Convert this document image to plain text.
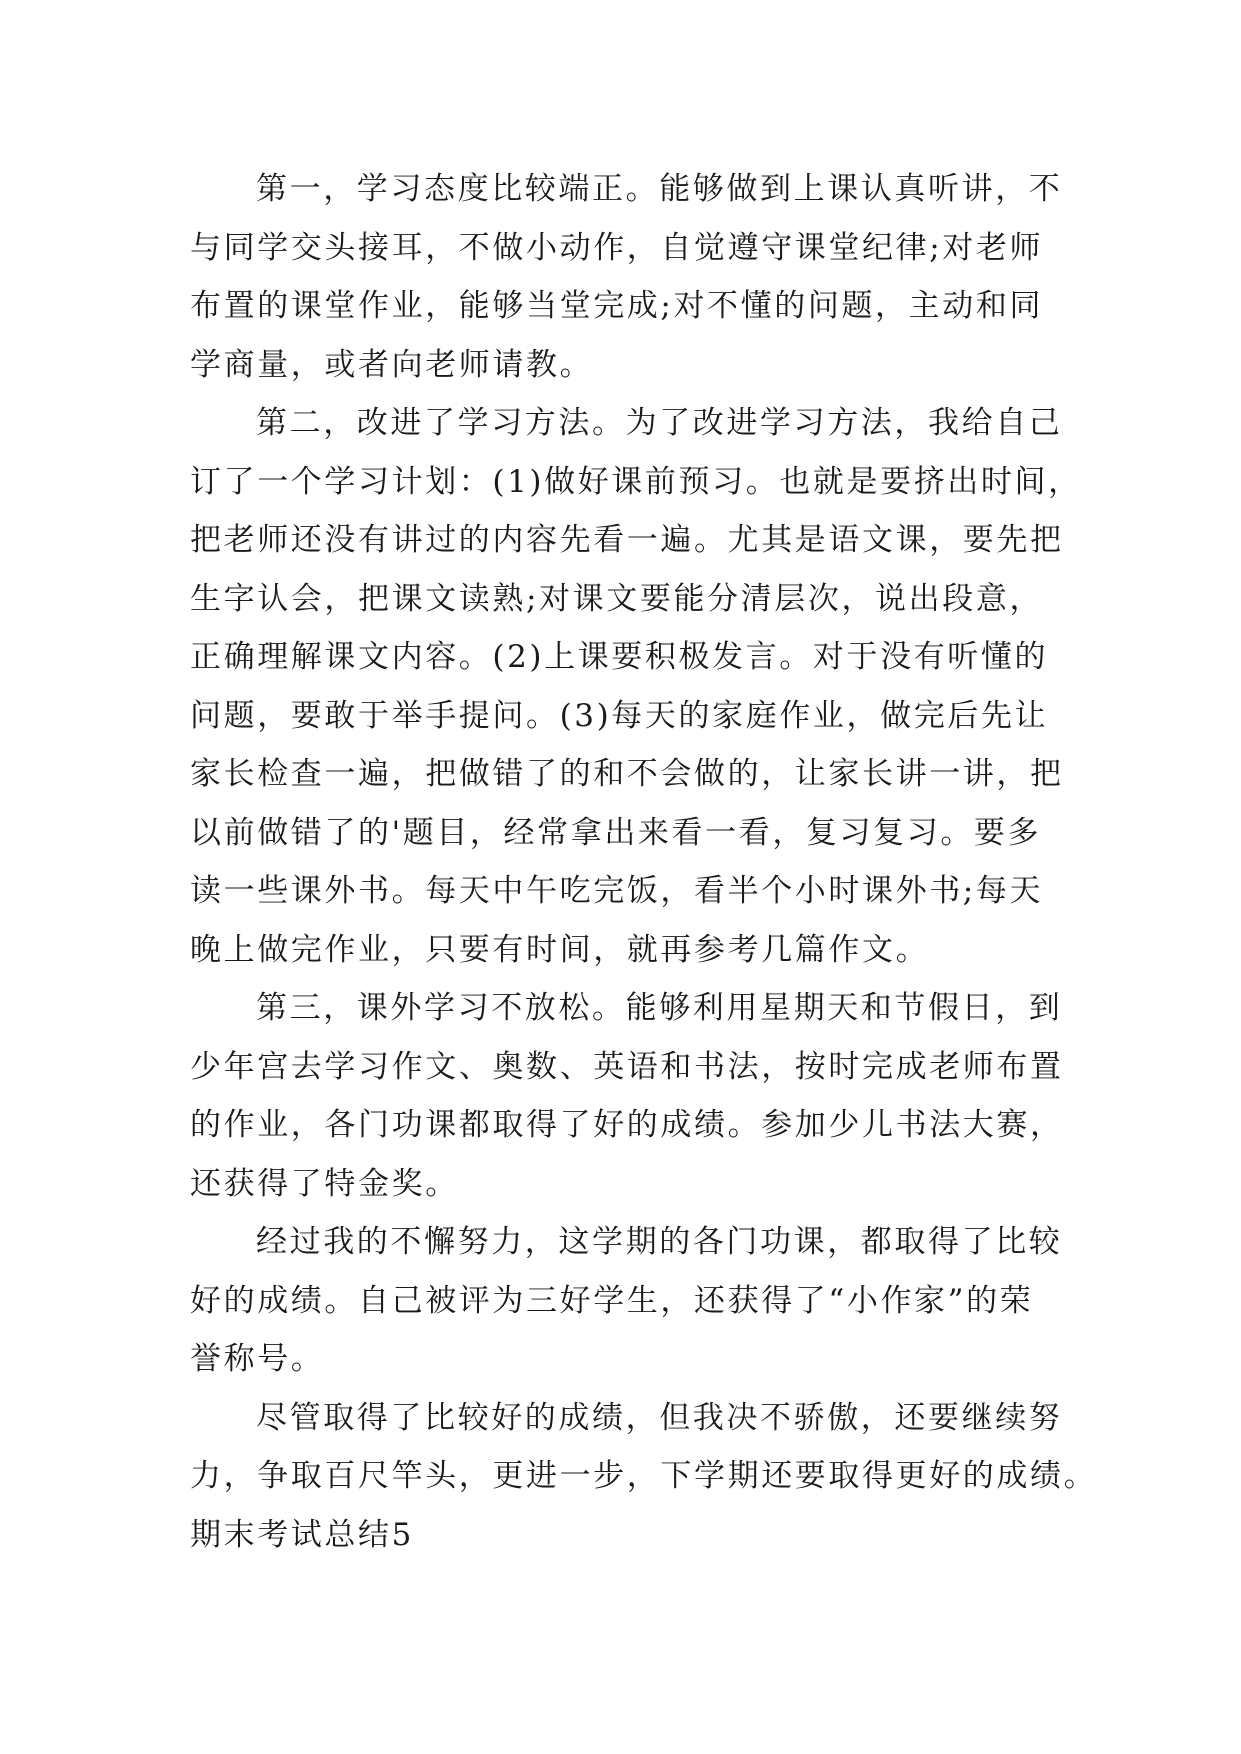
第一，学习态度比较端正。能够做到上课认真听讲，不
与同学交头接耳，不做小动作，自觉遵守课堂纪律;对老师
布置的课堂作业，能够当堂完成;对不懂的问题，主动和同
学商量，或者向老师请教。
第二，改进了学习方法。为了改进学习方法，我给自己
订了一个学习计划：(1)做好课前预习。也就是要挤出时间，
把老师还没有讲过的内容先看一遍。尤其是语文课，要先把
生字认会，把课文读熟;对课文要能分清层次，说出段意，
正确理解课文内容。(2)上课要积极发言。对于没有听懂的
问题，要敢于举手提问。(3)每天的家庭作业，做完后先让
家长检查一遍，把做错了的和不会做的，让家长讲一讲，把
以前做错了的'题目，经常拿出来看一看，复习复习。要多
读一些课外书。每天中午吃完饭，看半个小时课外书;每天
晚上做完作业，只要有时间，就再参考几篇作文。
第三，课外学习不放松。能够利用星期天和节假日，到
少年宫去学习作文、奥数、英语和书法，按时完成老师布置
的作业，各门功课都取得了好的成绩。参加少儿书法大赛，
还获得了特金奖。
经过我的不懈努力，这学期的各门功课，都取得了比较
好的成绩。自己被评为三好学生，还获得了“小作家”的荣
誉称号。
尽管取得了比较好的成绩，但我决不骄傲，还要继续努
力，争取百尺竿头，更进一步，下学期还要取得更好的成绩。
期末考试总结5
